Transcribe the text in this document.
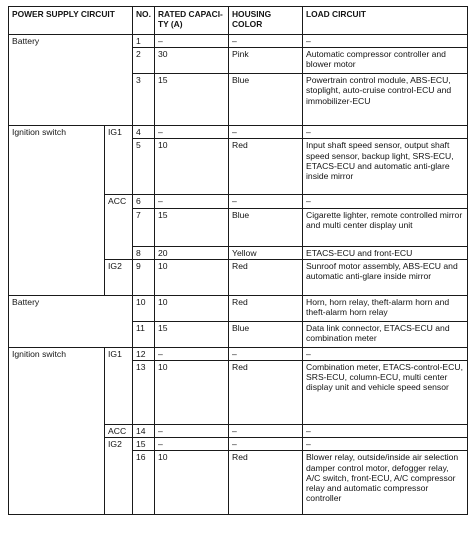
POWER SUPPLY CIRCUIT		NO.	RATED CAPACI-TY (A)	HOUSING COLOR	LOAD CIRCUIT
Battery		1	–	–	–
		2	30	Pink	Automatic compressor controller and blower motor
		3	15	Blue	Powertrain control module, ABS-ECU, stoplight, auto-cruise control-ECU and immobilizer-ECU
Ignition switch	IG1	4	–	–	–
		5	10	Red	Input shaft speed sensor, output shaft speed sensor, backup light, SRS-ECU, ETACS-ECU and automatic anti-glare inside mirror
	ACC	6	–	–	–
		7	15	Blue	Cigarette lighter, remote controlled mirror and multi center display unit
		8	20	Yellow	ETACS-ECU and front-ECU
	IG2	9	10	Red	Sunroof motor assembly, ABS-ECU and automatic anti-glare inside mirror
Battery		10	10	Red	Horn, horn relay, theft-alarm horn and theft-alarm horn relay
		11	15	Blue	Data link connector, ETACS-ECU and combination meter
Ignition switch	IG1	12	–	–	–
		13	10	Red	Combination meter, ETACS-control-ECU, SRS-ECU, column-ECU, multi center display unit and vehicle speed sensor
	ACC	14	–	–	–
	IG2	15	–	–	–
		16	10	Red	Blower relay, outside/inside air selection damper control motor, defogger relay, A/C switch, front-ECU, A/C compressor relay and automatic compressor controller
